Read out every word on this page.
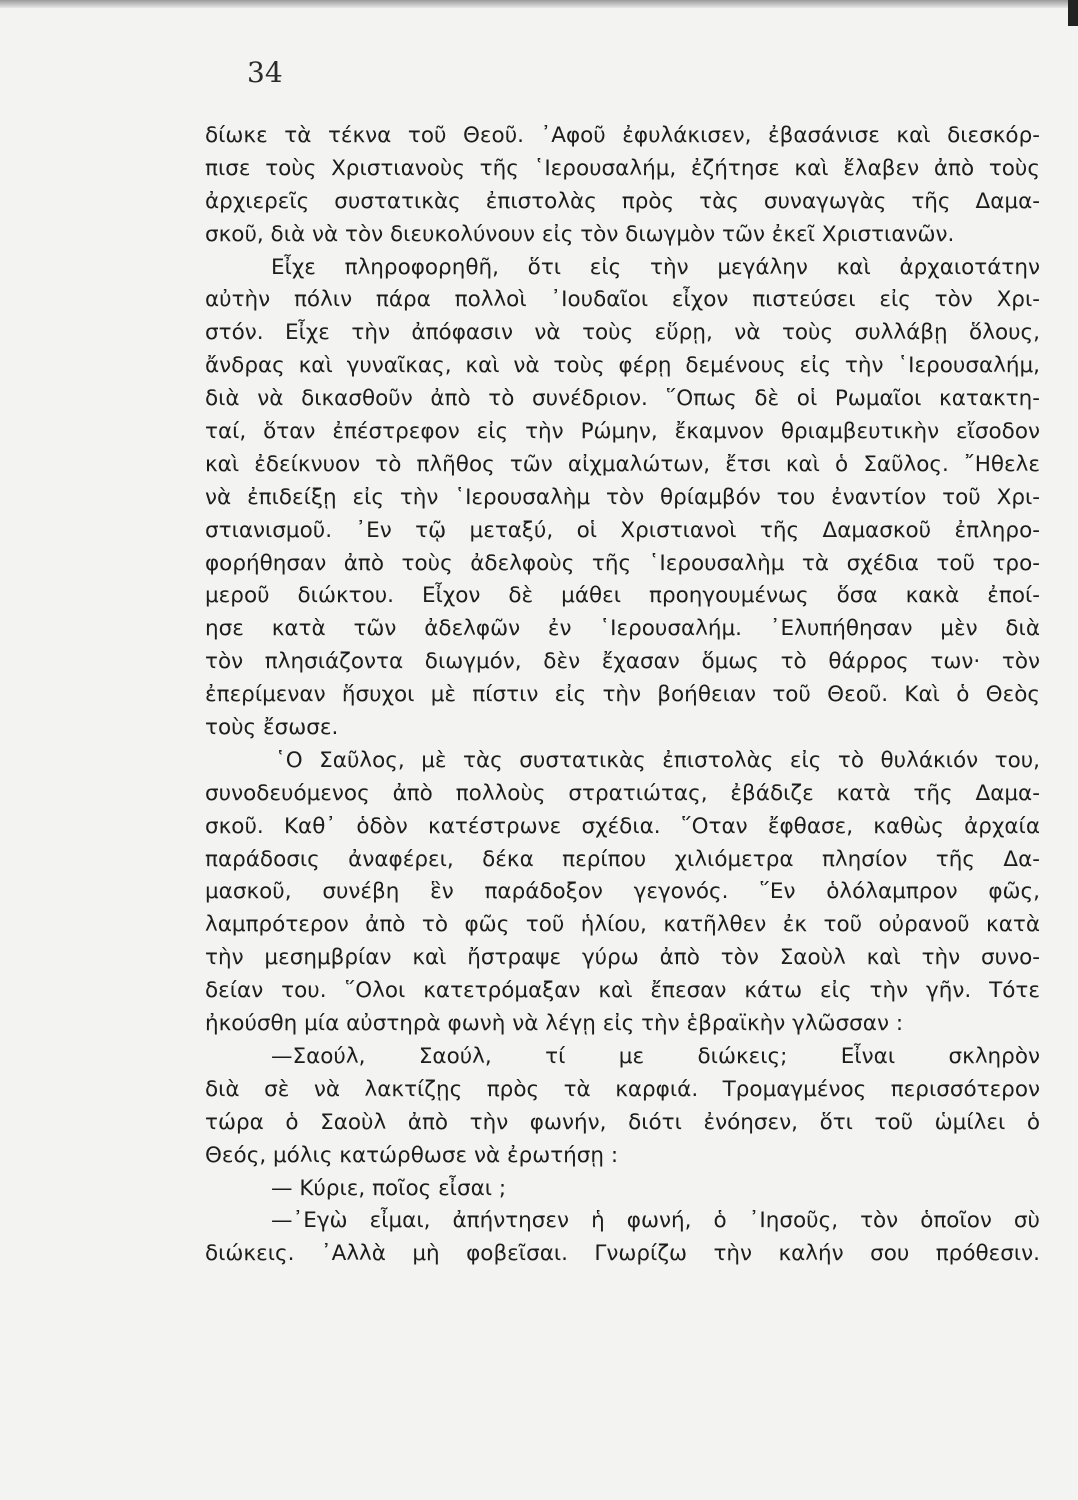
34
δίωκε τὰ τέκνα τοῦ Θεοῦ. ᾿Αφοῦ ἐφυλάκισεν, ἐβασάνισε καὶ διεσκόρ-
πισε τοὺς Χριστιανοὺς τῆς ῾Ιερουσαλήμ, ἐζήτησε καὶ ἔλαβεν ἀπὸ τοὺς
ἀρχιερεῖς συστατικὰς ἐπιστολὰς πρὸς τὰς συναγωγὰς τῆς Δαμα-
σκοῦ, διὰ νὰ τὸν διευκολύνουν εἰς τὸν διωγμὸν τῶν ἐκεῖ Χριστιανῶν.
Εἶχε πληροφορηθῆ, ὅτι εἰς τὴν μεγάλην καὶ ἀρχαιοτάτην
αὐτὴν πόλιν πάρα πολλοὶ ᾿Ιουδαῖοι εἶχον πιστεύσει εἰς τὸν Χρι-
στόν. Εἶχε τὴν ἀπόφασιν νὰ τοὺς εὕρῃ, νὰ τοὺς συλλάβῃ ὅλους,
ἄνδρας καὶ γυναῖκας, καὶ νὰ τοὺς φέρῃ δεμένους εἰς τὴν ῾Ιερουσαλήμ,
διὰ νὰ δικασθοῦν ἀπὸ τὸ συνέδριον. ῞Οπως δὲ οἱ Ρωμαῖοι κατακτη-
ταί, ὅταν ἐπέστρεφον εἰς τὴν Ρώμην, ἔκαμνον θριαμβευτικὴν εἴσοδον
καὶ ἐδείκνυον τὸ πλῆθος τῶν αἰχμαλώτων, ἔτσι καὶ ὁ Σαῦλος. ῎Ηθελε
νὰ ἐπιδείξῃ εἰς τὴν ῾Ιερουσαλὴμ τὸν θρίαμβόν του ἐναντίον τοῦ Χρι-
στιανισμοῦ. ᾿Εν τῷ μεταξύ, οἱ Χριστιανοὶ τῆς Δαμασκοῦ ἐπληρο-
φορήθησαν ἀπὸ τοὺς ἀδελφοὺς τῆς ῾Ιερουσαλὴμ τὰ σχέδια τοῦ τρο-
μεροῦ διώκτου. Εἶχον δὲ μάθει προηγουμένως ὅσα κακὰ ἐποί-
ησε κατὰ τῶν ἀδελφῶν ἐν ῾Ιερουσαλήμ. ᾿Ελυπήθησαν μὲν διὰ
τὸν πλησιάζοντα διωγμόν, δὲν ἔχασαν ὅμως τὸ θάρρος των· τὸν
ἐπερίμεναν ἥσυχοι μὲ πίστιν εἰς τὴν βοήθειαν τοῦ Θεοῦ. Καὶ ὁ Θεὸς
τοὺς ἔσωσε.
῾Ο Σαῦλος, μὲ τὰς συστατικὰς ἐπιστολὰς εἰς τὸ θυλάκιόν του,
συνοδευόμενος ἀπὸ πολλοὺς στρατιώτας, ἐβάδιζε κατὰ τῆς Δαμα-
σκοῦ. Καθ᾿ ὁδὸν κατέστρωνε σχέδια. ῞Οταν ἔφθασε, καθὼς ἀρχαία
παράδοσις ἀναφέρει, δέκα περίπου χιλιόμετρα πλησίον τῆς Δα-
μασκοῦ, συνέβη ἓν παράδοξον γεγονός. ῞Εν ὁλόλαμπρον φῶς,
λαμπρότερον ἀπὸ τὸ φῶς τοῦ ἡλίου, κατῆλθεν ἐκ τοῦ οὐρανοῦ κατὰ
τὴν μεσημβρίαν καὶ ἤστραψε γύρω ἀπὸ τὸν Σαοὺλ καὶ τὴν συνο-
δείαν του. ῞Ολοι κατετρόμαξαν καὶ ἔπεσαν κάτω εἰς τὴν γῆν. Τότε
ἠκούσθη μία αὐστηρὰ φωνὴ νὰ λέγῃ εἰς τὴν ἑβραϊκὴν γλῶσσαν :
—Σαούλ, Σαούλ, τί με διώκεις; Εἶναι σκληρὸν
διὰ σὲ νὰ λακτίζῃς πρὸς τὰ καρφιά. Τρομαγμένος περισσότερον
τώρα ὁ Σαοὺλ ἀπὸ τὴν φωνήν, διότι ἐνόησεν, ὅτι τοῦ ὡμίλει ὁ
Θεός, μόλις κατώρθωσε νὰ ἐρωτήσῃ :
— Κύριε, ποῖος εἶσαι ;
—᾿Εγὼ εἶμαι, ἀπήντησεν ἡ φωνή, ὁ ᾿Ιησοῦς, τὸν ὁποῖον σὺ
διώκεις. ᾿Αλλὰ μὴ φοβεῖσαι. Γνωρίζω τὴν καλήν σου πρόθεσιν.
